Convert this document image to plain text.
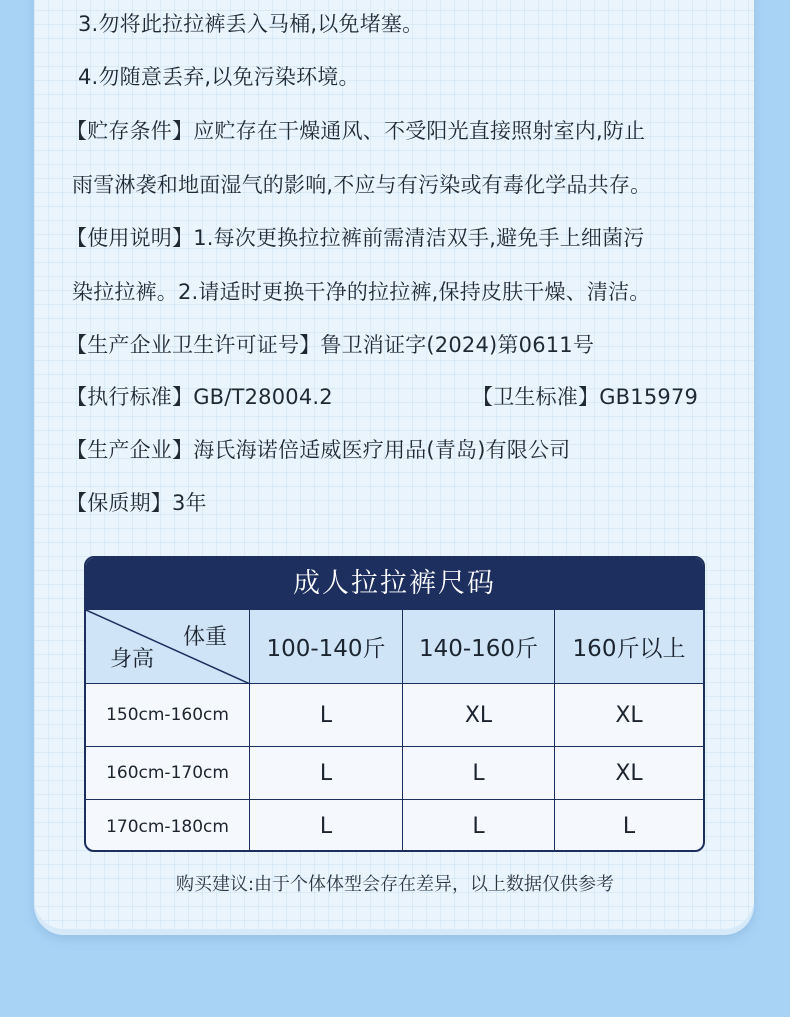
3.勿将此拉拉裤丢入马桶,以免堵塞。
4.勿随意丢弃,以免污染环境。
【贮存条件】应贮存在干燥通风、不受阳光直接照射室内,防止
雨雪淋袭和地面湿气的影响,不应与有污染或有毒化学品共存。
【使用说明】1.每次更换拉拉裤前需清洁双手,避免手上细菌污
染拉拉裤。2.请适时更换干净的拉拉裤,保持皮肤干燥、清洁。
【生产企业卫生许可证号】鲁卫消证字(2024)第0611号
【执行标准】GB/T28004.2	【卫生标准】GB15979
【生产企业】海氏海诺倍适威医疗用品(青岛)有限公司
【保质期】3年
成人拉拉裤尺码
体重
身高	100-140斤	140-160斤	160斤以上
150cm-160cm	L	XL	XL
160cm-170cm	L	L	XL
170cm-180cm	L	L	L
购买建议:由于个体体型会存在差异，以上数据仅供参考
